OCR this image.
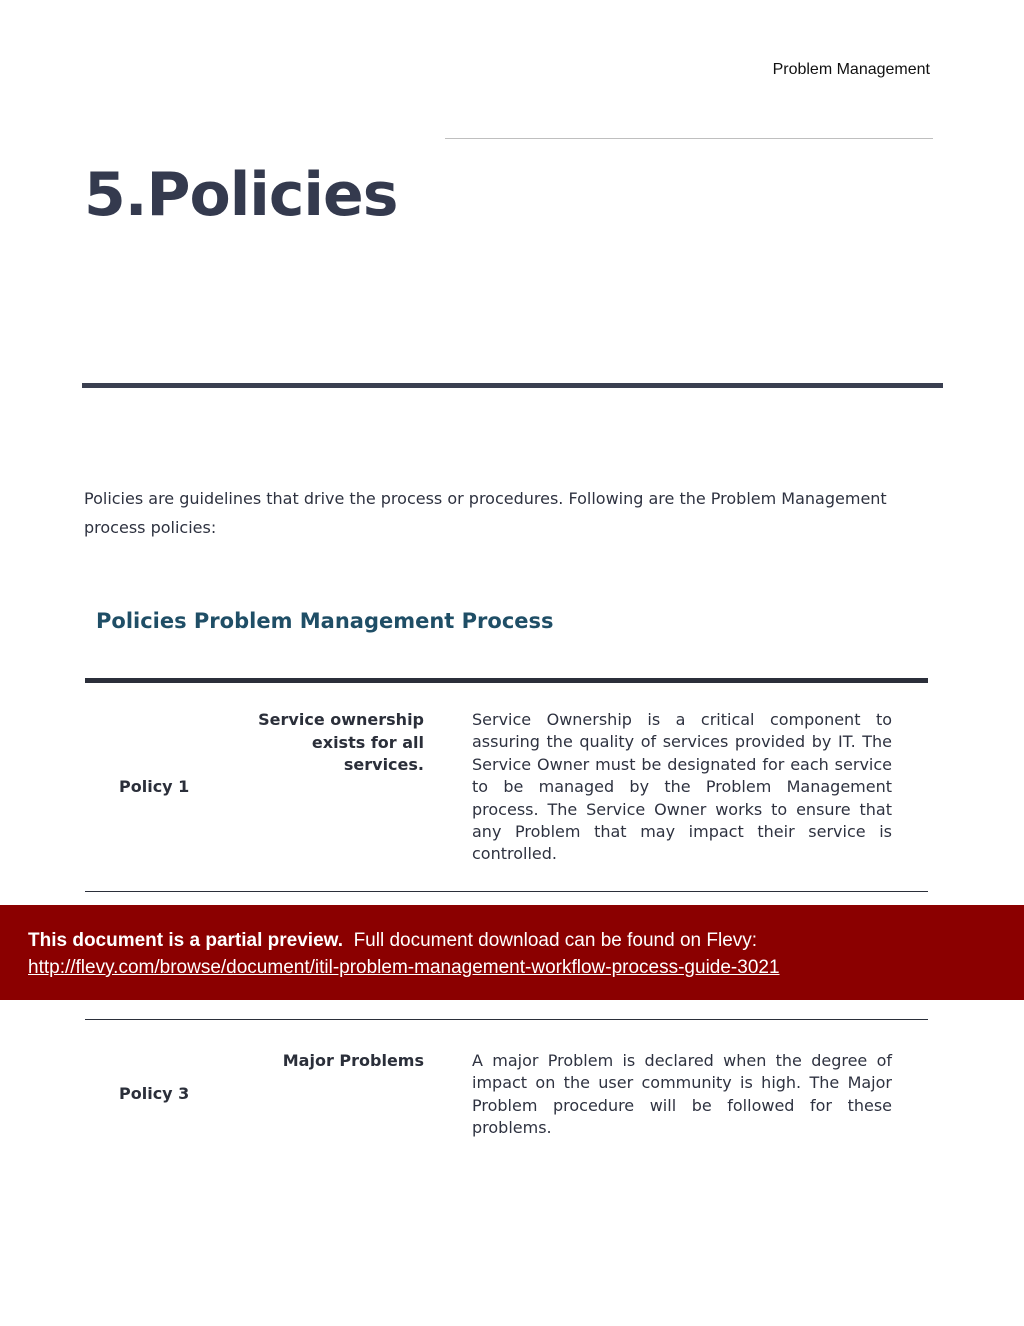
Problem Management
5.Policies

Policies are guidelines that drive the process or procedures. Following are the Problem Management process policies:

Policies Problem Management Process
Policy 1
Service ownership exists for all services.

Service Ownership is a critical component to assuring the quality of services provided by IT. The Service Owner must be designated for each service to be managed by the Problem Management process. The Service Owner works to ensure that any Problem that may impact their service is controlled.

This document is a partial preview. Full document download can be found on Flevy:
http://flevy.com/browse/document/itil-problem-management-workflow-process-guide-3021
Policy 3
Major Problems	A major Problem is declared when the degree of impact on the user community is high. The Major Problem procedure will be followed for these problems.
